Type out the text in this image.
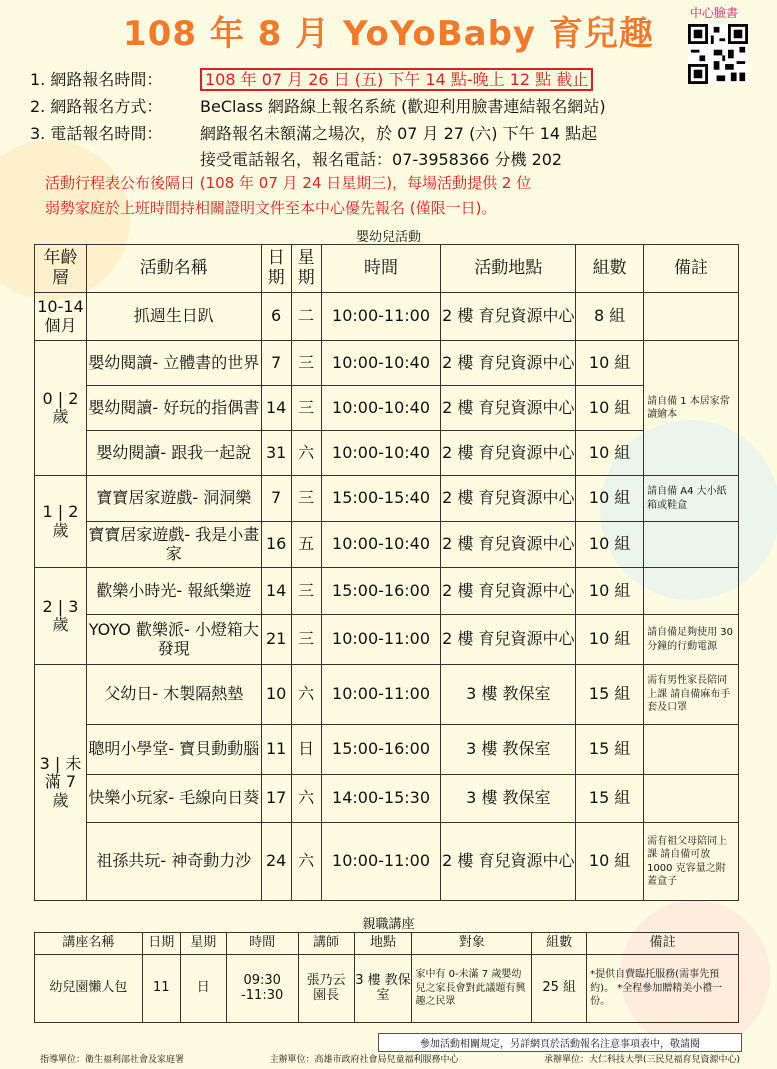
108 年 8 月 YoYoBaby 育兒趣
中心臉書
1. 網路報名時間：	108 年 07 月 26 日 (五) 下午 14 點-晚上 12 點 截止
2. 網路報名方式： BeClass 網路線上報名系統 (歡迎利用臉書連結報名網站)
3. 電話報名時間： 網路報名未額滿之場次，於 07 月 27 (六) 下午 14 點起
接受電話報名，報名電話：07-3958366 分機 202
活動行程表公布後隔日 (108 年 07 月 24 日星期三)，每場活動提供 2 位
弱勢家庭於上班時間持相關證明文件至本中心優先報名 (僅限一日)。
嬰幼兒活動
年齡層	活動名稱	日期	星期	時間	活動地點	組數	備註
10-14 個月	抓週生日趴	6	二	10:00-11:00	2 樓 育兒資源中心	8 組	
0 | 2 歲	嬰幼閱讀- 立體書的世界	7	三	10:00-10:40	2 樓 育兒資源中心	10 組	請自備 1 本居家常讀繪本
	嬰幼閱讀- 好玩的指偶書	14	三	10:00-10:40	2 樓 育兒資源中心	10 組	
	嬰幼閱讀- 跟我一起說	31	六	10:00-10:40	2 樓 育兒資源中心	10 組	
1 | 2 歲	寶寶居家遊戲- 洞洞樂	7	三	15:00-15:40	2 樓 育兒資源中心	10 組	請自備 A4 大小紙箱或鞋盒
	寶寶居家遊戲- 我是小畫家	16	五	10:00-10:40	2 樓 育兒資源中心	10 組	
2 | 3 歲	歡樂小時光- 報紙樂遊	14	三	15:00-16:00	2 樓 育兒資源中心	10 組	
	YOYO 歡樂派- 小燈箱大發現	21	三	10:00-11:00	2 樓 育兒資源中心	10 組	請自備足夠使用 30 分鐘的行動電源
3 | 未滿 7 歲	父幼日- 木製隔熱墊	10	六	10:00-11:00	3 樓 教保室	15 組	需有男性家長陪同上課 請自備麻布手套及口罩
	聰明小學堂- 寶貝動動腦	11	日	15:00-16:00	3 樓 教保室	15 組	
	快樂小玩家- 毛線向日葵	17	六	14:00-15:30	3 樓 教保室	15 組	
	祖孫共玩- 神奇動力沙	24	六	10:00-11:00	2 樓 育兒資源中心	10 組	需有祖父母陪同上課 請自備可放 1000 克容量之附蓋盒子
親職講座
講座名稱	日期	星期	時間	講師	地點	對象	組數	備註
幼兒園懶人包	11	日	09:30 -11:30	張乃云 園長	3 樓 教保室	家中有 0-未滿 7 歲嬰幼兒之家長會對此議題有興趣之民眾	25 組	*提供自費臨托服務(需事先預約)。 *全程參加贈精美小禮一份。
參加活動相關規定，另詳網頁於活動報名注意事項表中，敬請閱
指導單位：衛生福利部社會及家庭署	主辦單位：高雄市政府社會局兒童福利服務中心	承辦單位：大仁科技大學(三民兒福育兒資源中心)
